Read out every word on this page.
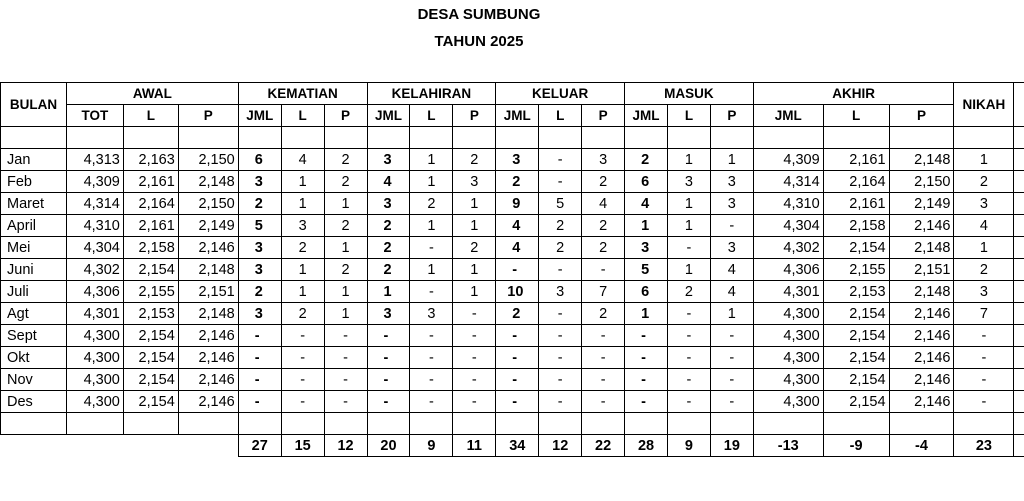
DESA SUMBUNG
TAHUN 2025
BULAN	AWAL			KEMATIAN			KELAHIRAN			KELUAR			MASUK			AKHIR			NIKAH	
	TOT	L	P	JML	L	P	JML	L	P	JML	L	P	JML	L	P	JML	L	P		

Jan	4,313	2,163	2,150	6	4	2	3	1	2	3	-	3	2	1	1	4,309	2,161	2,148	1	
Feb	4,309	2,161	2,148	3	1	2	4	1	3	2	-	2	6	3	3	4,314	2,164	2,150	2	
Maret	4,314	2,164	2,150	2	1	1	3	2	1	9	5	4	4	1	3	4,310	2,161	2,149	3	
April	4,310	2,161	2,149	5	3	2	2	1	1	4	2	2	1	1	-	4,304	2,158	2,146	4	
Mei	4,304	2,158	2,146	3	2	1	2	-	2	4	2	2	3	-	3	4,302	2,154	2,148	1	
Juni	4,302	2,154	2,148	3	1	2	2	1	1	-	-	-	5	1	4	4,306	2,155	2,151	2	
Juli	4,306	2,155	2,151	2	1	1	1	-	1	10	3	7	6	2	4	4,301	2,153	2,148	3	
Agt	4,301	2,153	2,148	3	2	1	3	3	-	2	-	2	1	-	1	4,300	2,154	2,146	7	
Sept	4,300	2,154	2,146	-	-	-	-	-	-	-	-	-	-	-	-	4,300	2,154	2,146	-	
Okt	4,300	2,154	2,146	-	-	-	-	-	-	-	-	-	-	-	-	4,300	2,154	2,146	-	
Nov	4,300	2,154	2,146	-	-	-	-	-	-	-	-	-	-	-	-	4,300	2,154	2,146	-	
Des	4,300	2,154	2,146	-	-	-	-	-	-	-	-	-	-	-	-	4,300	2,154	2,146	-	

				27	15	12	20	9	11	34	12	22	28	9	19	-13	-9	-4	23	
